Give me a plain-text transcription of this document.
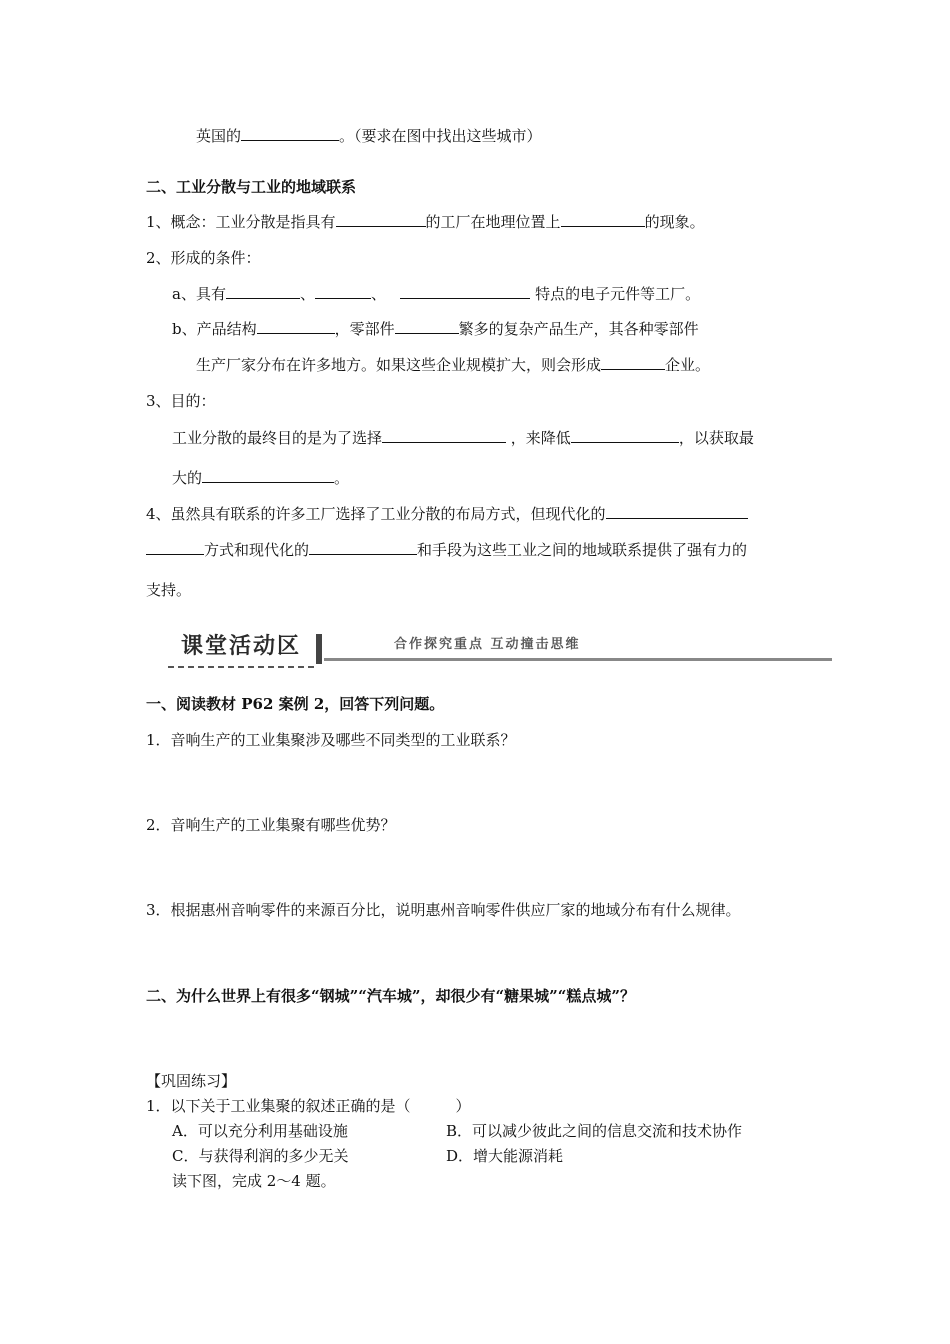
英国的	。（要求在图中找出这些城市）
二、工业分散与工业的地域联系
1、概念：工业分散是指具有	的工厂在地理位置上	的现象。
2、形成的条件：
a、具有	、	、	特点的电子元件等工厂。
b、产品结构	，零部件	繁多的复杂产品生产，其各种零部件
生产厂家分布在许多地方。如果这些企业规模扩大，则会形成	企业。
3、目的：
工业分散的最终目的是为了选择	，来降低	，以获取最
大的	。
4、虽然具有联系的许多工厂选择了工业分散的布局方式，但现代化的
方式和现代化的	和手段为这些工业之间的地域联系提供了强有力的
支持。
课堂活动区	合作探究重点 互动撞击思维
一、阅读教材 P62 案例 2，回答下列问题。
1．音响生产的工业集聚涉及哪些不同类型的工业联系？
2．音响生产的工业集聚有哪些优势？
3．根据惠州音响零件的来源百分比，说明惠州音响零件供应厂家的地域分布有什么规律。
二、为什么世界上有很多“钢城”“汽车城”，却很少有“糖果城”“糕点城”？
【巩固练习】
1．以下关于工业集聚的叙述正确的是（　　　）
A．可以充分利用基础设施	B．可以减少彼此之间的信息交流和技术协作
C．与获得利润的多少无关	D．增大能源消耗
读下图，完成 2～4 题。
